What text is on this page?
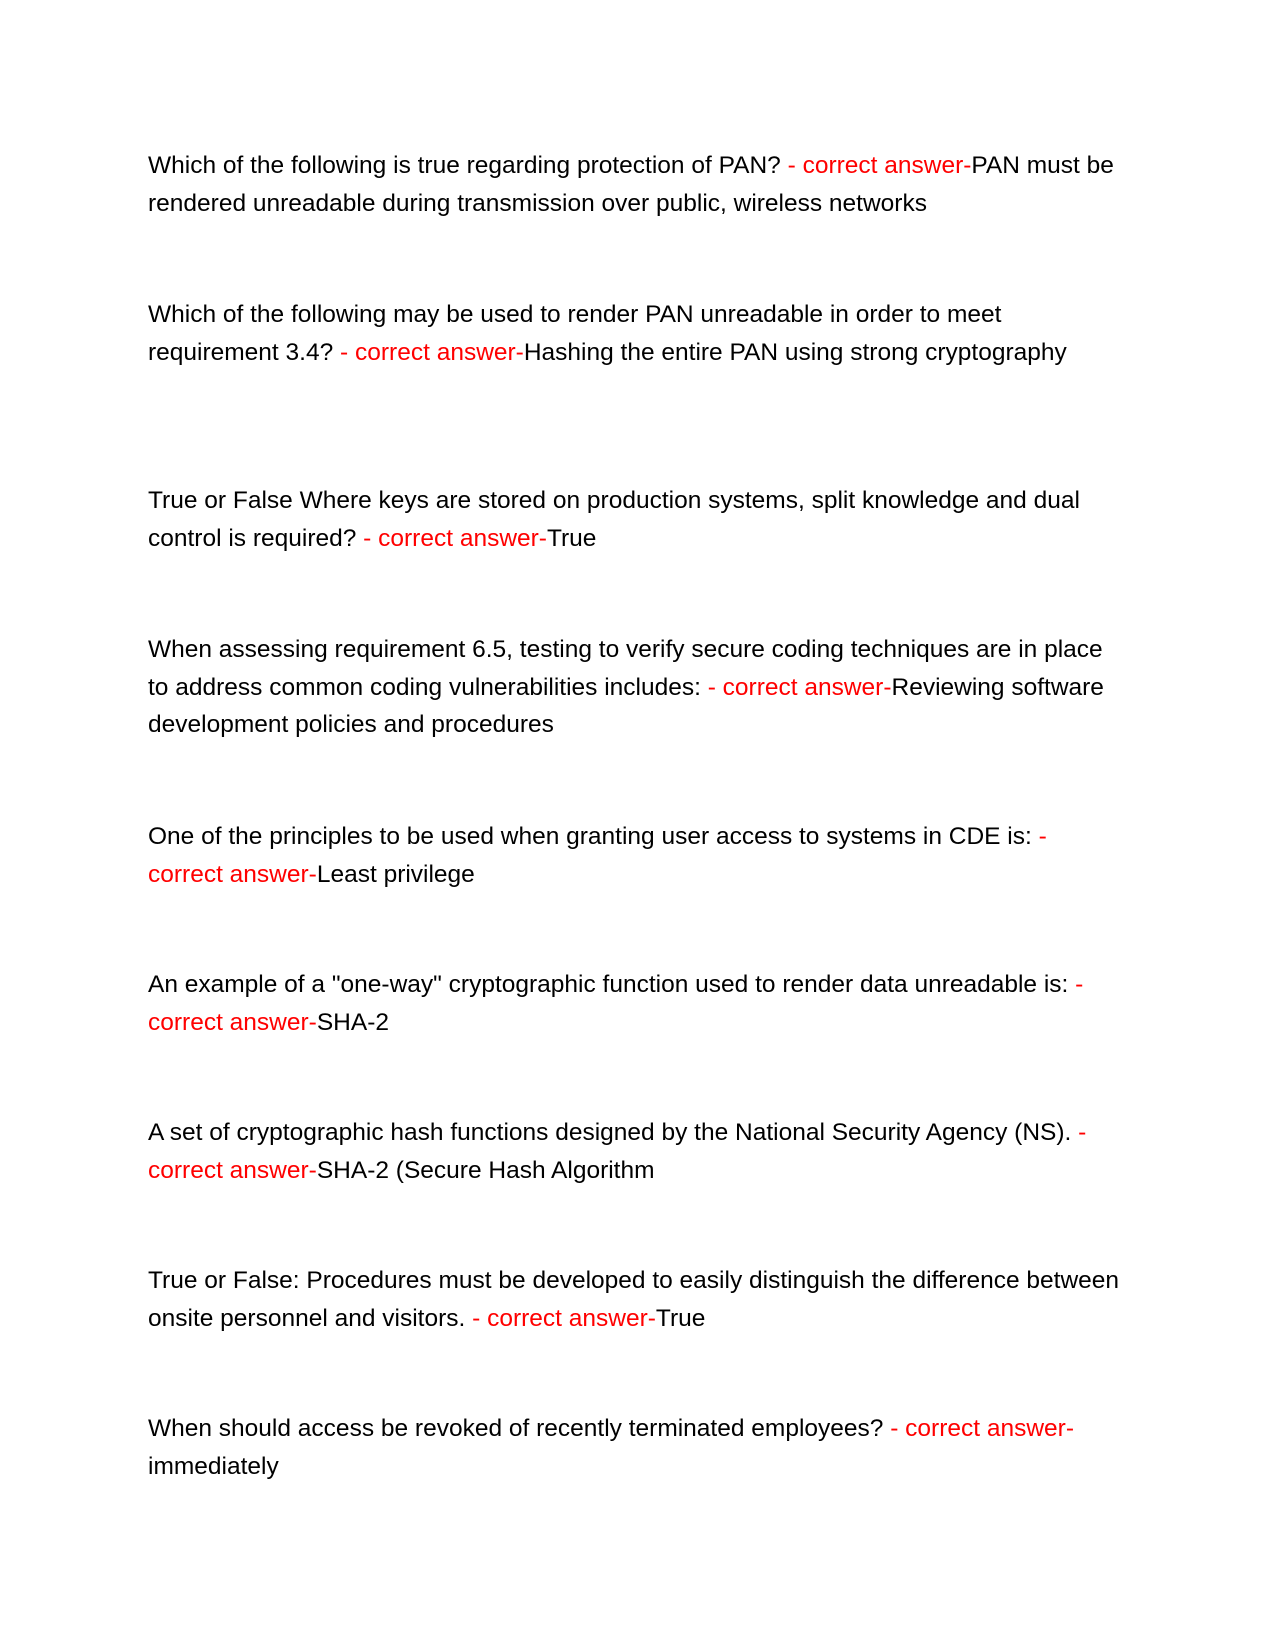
Which of the following is true regarding protection of PAN? - correct answer-PAN must be rendered unreadable during transmission over public, wireless networks

Which of the following may be used to render PAN unreadable in order to meet requirement 3.4? - correct answer-Hashing the entire PAN using strong cryptography

True or False Where keys are stored on production systems, split knowledge and dual control is required? - correct answer-True

When assessing requirement 6.5, testing to verify secure coding techniques are in place to address common coding vulnerabilities includes: - correct answer-Reviewing software development policies and procedures

One of the principles to be used when granting user access to systems in CDE is: - correct answer-Least privilege

An example of a "one-way" cryptographic function used to render data unreadable is: - correct answer-SHA-2

A set of cryptographic hash functions designed by the National Security Agency (NS). - correct answer-SHA-2 (Secure Hash Algorithm

True or False: Procedures must be developed to easily distinguish the difference between onsite personnel and visitors. - correct answer-True

When should access be revoked of recently terminated employees? - correct answer-immediately
